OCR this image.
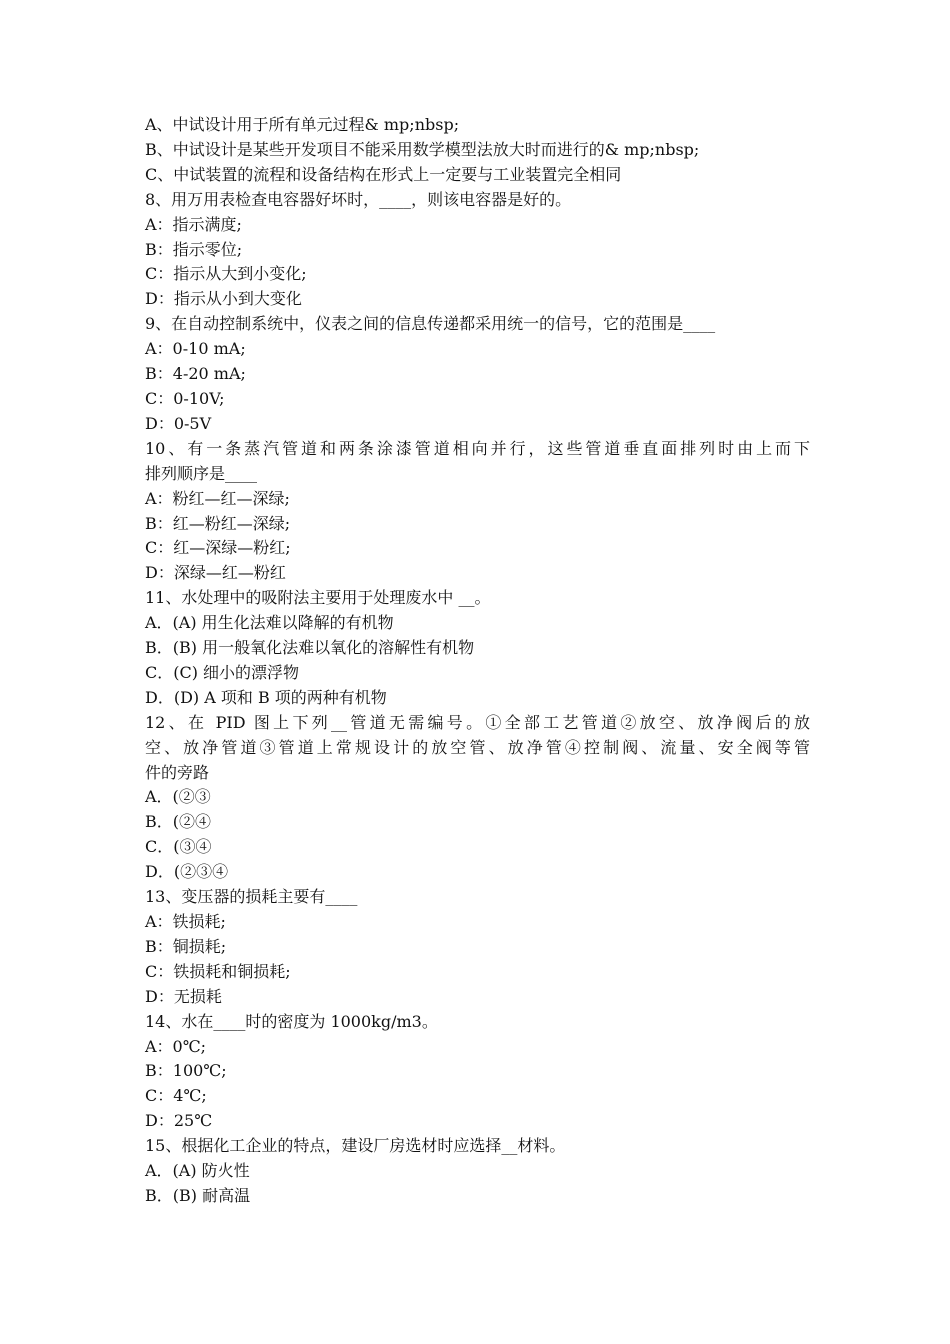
A、中试设计用于所有单元过程& mp;nbsp;

B、中试设计是某些开发项目不能采用数学模型法放大时而进行的& mp;nbsp;

C、中试装置的流程和设备结构在形式上一定要与工业装置完全相同

8、用万用表检查电容器好坏时，____，则该电容器是好的。

A：指示满度;

B：指示零位;

C：指示从大到小变化;

D：指示从小到大变化

9、在自动控制系统中，仪表之间的信息传递都采用统一的信号，它的范围是____

A：0-10 mA;

B：4-20 mA;

C：0-10V;

D：0-5V

10、有一条蒸汽管道和两条涂漆管道相向并行，这些管道垂直面排列时由上而下

排列顺序是____

A：粉红—红—深绿;

B：红—粉红—深绿;

C：红—深绿—粉红;

D：深绿—红—粉红

11、水处理中的吸附法主要用于处理废水中 __。

A．(A) 用生化法难以降解的有机物

B．(B) 用一般氧化法难以氧化的溶解性有机物

C．(C) 细小的漂浮物

D．(D) A 项和 B 项的两种有机物

12、在 PID 图上下列__管道无需编号。①全部工艺管道②放空、放净阀后的放

空、放净管道③管道上常规设计的放空管、放净管④控制阀、流量、安全阀等管

件的旁路

A．(②③

B．(②④

C．(③④

D．(②③④

13、变压器的损耗主要有____

A：铁损耗;

B：铜损耗;

C：铁损耗和铜损耗;

D：无损耗

14、水在____时的密度为 1000kg/m3。

A：0℃;

B：100℃;

C：4℃;

D：25℃

15、根据化工企业的特点，建设厂房选材时应选择__材料。

A．(A) 防火性

B．(B) 耐高温
